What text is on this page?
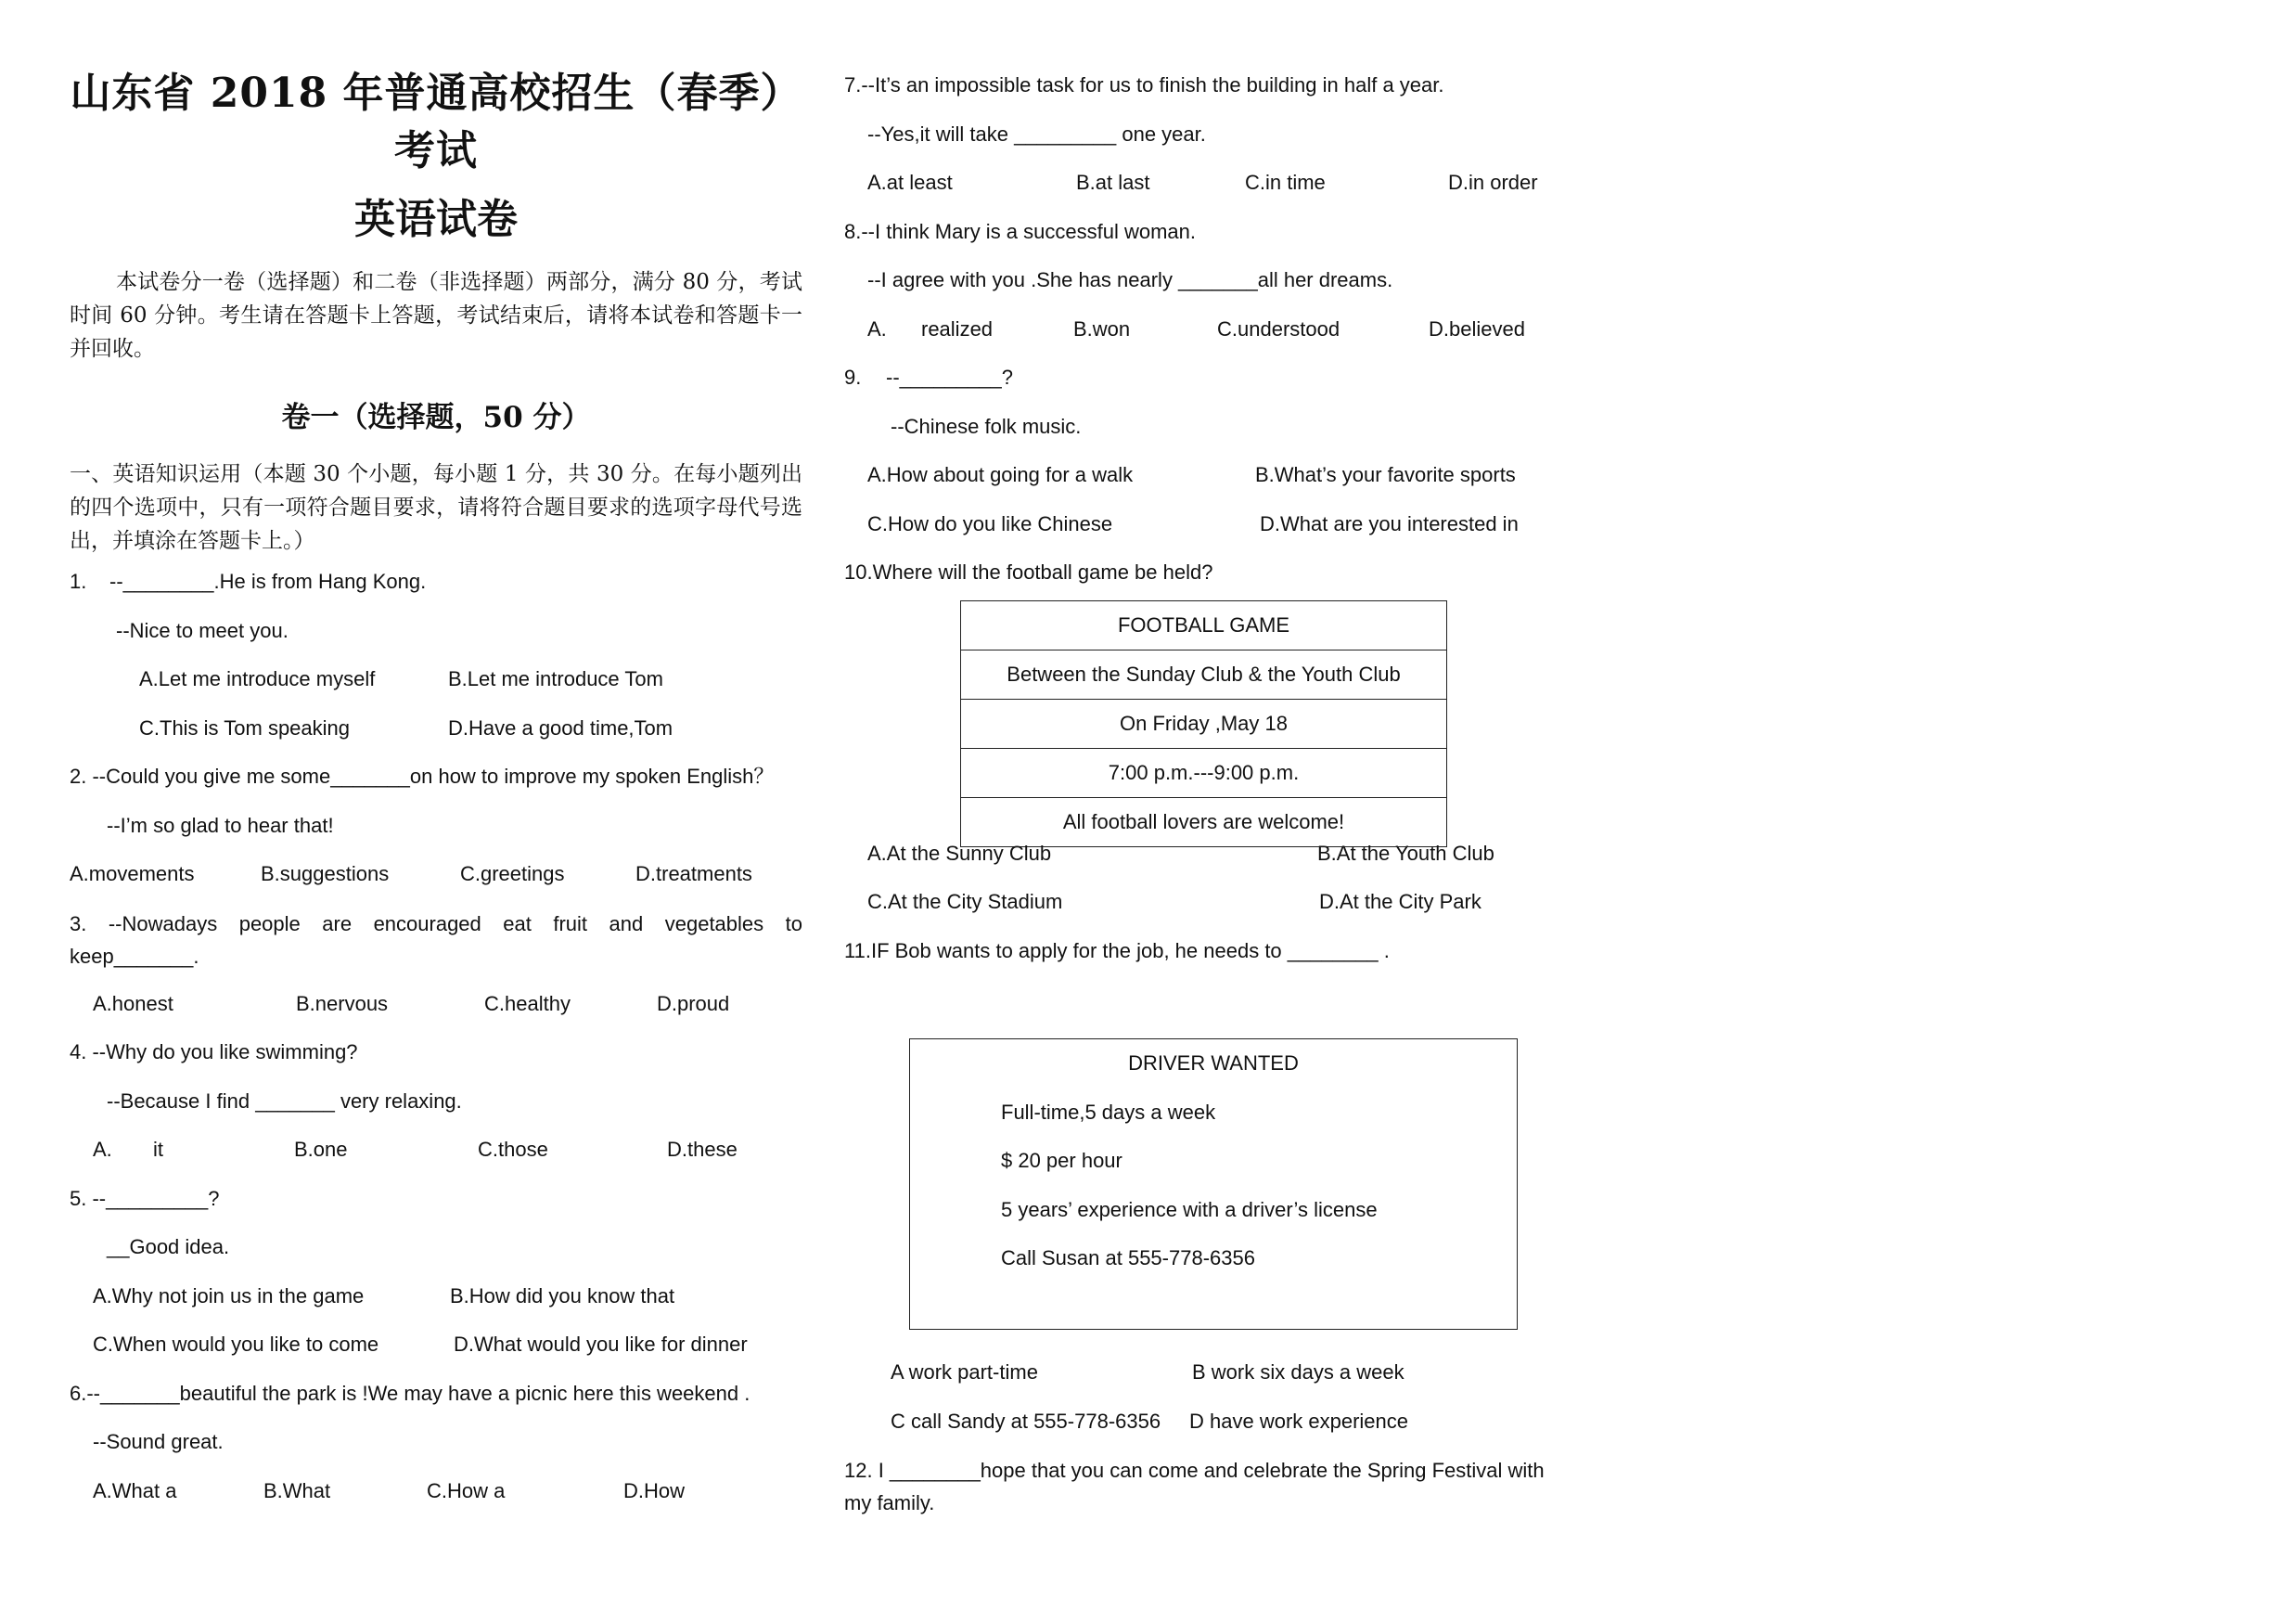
山东省 2018 年普通高校招生（春季）
考试
英语试卷
本试卷分一卷（选择题）和二卷（非选择题）两部分，满分 80 分，考试时间 60 分钟。考生请在答题卡上答题，考试结束后，请将本试卷和答题卡一并回收。
卷一（选择题，50 分）
一、英语知识运用（本题 30 个小题，每小题 1 分，共 30 分。在每小题列出的四个选项中，只有一项符合题目要求，请将符合题目要求的选项字母代号选出，并填涂在答题卡上。）
1. --________.He is from Hang Kong.
--Nice to meet you.
A.Let me introduce myself	B.Let me introduce Tom
C.This is Tom speaking	D.Have a good time,Tom
2. --Could you give me some_______on how to improve my spoken English？
--I’m so glad to hear that!
A.movements	B.suggestions	C.greetings	D.treatments
3. --Nowadays people are encouraged eat fruit and vegetables to
keep_______.
A.honest	B.nervous	C.healthy	D.proud
4. --Why do you like swimming?
--Because I find _______ very relaxing.
A. it	B.one	C.those	D.these
5. --_________?
__Good idea.
A.Why not join us in the game	B.How did you know that
C.When would you like to come	D.What would you like for dinner
6.--_______beautiful the park is !We may have a picnic here this weekend .
--Sound great.
A.What a	B.What	C.How a	D.How
7.--It’s an impossible task for us to finish the building in half a year.
--Yes,it will take _________ one year.
A.at least	B.at last	C.in time	D.in order
8.--I think Mary is a successful woman.
--I agree with you .She has nearly _______all her dreams.
A. realized	B.won	C.understood	D.believed
9. --_________?
--Chinese folk music.
A.How about going for a walk	B.What’s your favorite sports
C.How do you like Chinese	D.What are you interested in
10.Where will the football game be held?
FOOTBALL GAME
Between the Sunday Club & the Youth Club
On Friday ,May 18
7:00 p.m.---9:00 p.m.
All football lovers are welcome!
A.At the Sunny Club	B.At the Youth Club
C.At the City Stadium	D.At the City Park
11.IF Bob wants to apply for the job, he needs to ________ .
DRIVER WANTED
Full-time,5 days a week
$ 20 per hour
5 years’ experience with a driver’s license
Call Susan at 555-778-6356
A work part-time	B work six days a week
C call Sandy at 555-778-6356 D have work experience
12. I ________hope that you can come and celebrate the Spring Festival with
my family.
